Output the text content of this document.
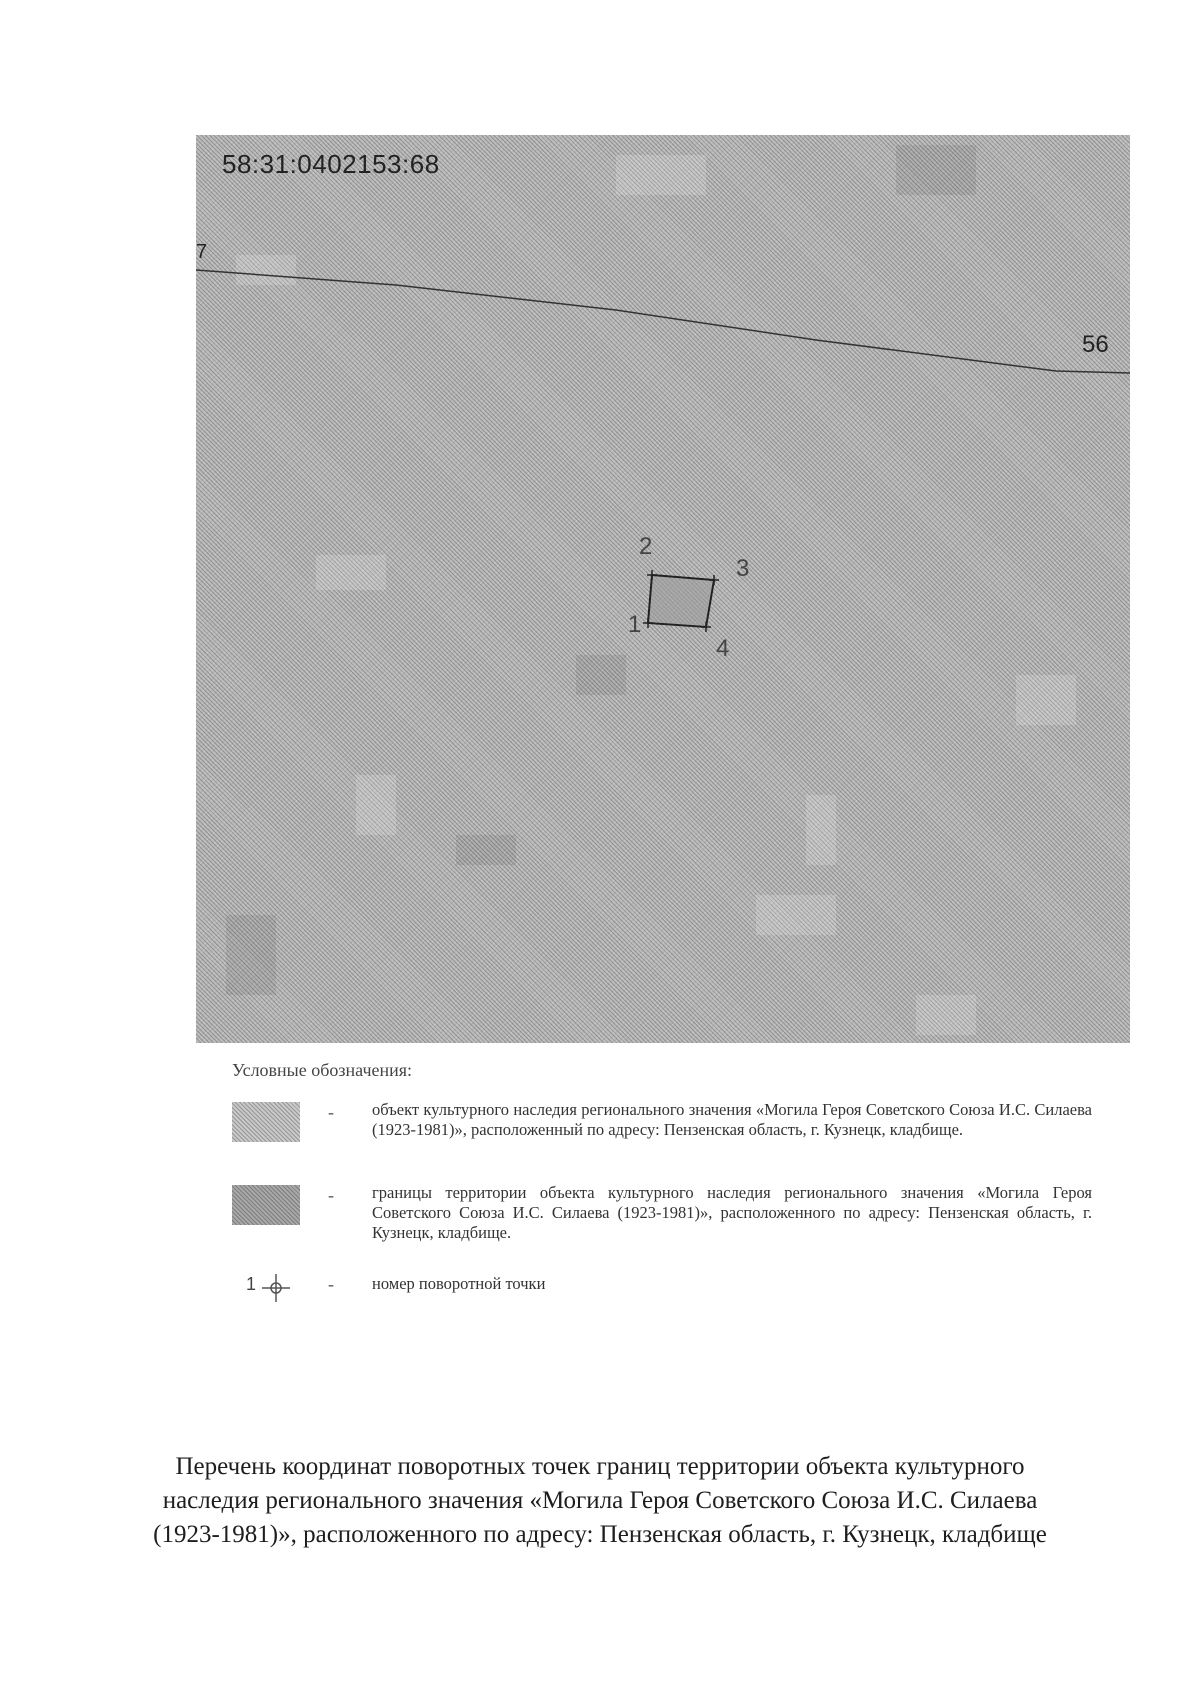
58:31:0402153:68
7
56
1
2
3
4
Условные обозначения:
- объект культурного наследия регионального значения «Могила Героя Советского Союза И.С. Силаева (1923-1981)», расположенный по адресу: Пензенская область, г. Кузнецк, кладбище.
- границы территории объекта культурного наследия регионального значения «Могила Героя Советского Союза И.С. Силаева (1923-1981)», расположенного по адресу: Пензенская область, г. Кузнецк, кладбище.
1	- номер поворотной точки
Перечень координат поворотных точек границ территории объекта культурного наследия регионального значения «Могила Героя Советского Союза И.С. Силаева (1923-1981)», расположенного по адресу: Пензенская область, г. Кузнецк, кладбище
